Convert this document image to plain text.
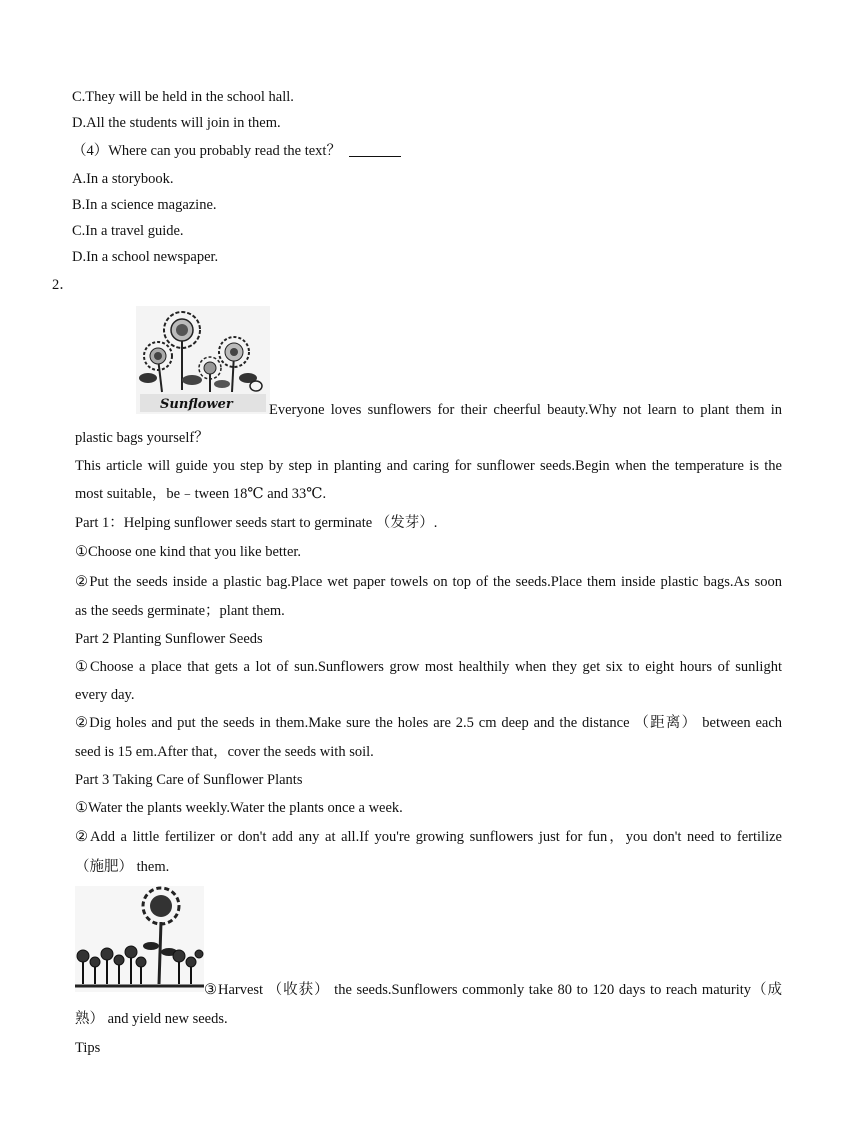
C.They will be held in the school hall.
D.All the students will join in them.
（4）Where can you probably read the text？
A.In a storybook.
B.In a science magazine.
C.In a travel guide.
D.In a school newspaper.
2．
Sunflower	Everyone loves sunflowers for their cheerful beauty.Why not learn to plant them in
plastic bags yourself？
This article will guide you step by step in planting and caring for sunflower seeds.Begin when the temperature is the
most suitable，be﹣tween 18℃ and 33℃.
Part 1：Helping sunflower seeds start to germinate （发芽）.
①Choose one kind that you like better.
②Put the seeds inside a plastic bag.Place wet paper towels on top of the seeds.Place them inside plastic bags.As soon
as the seeds germinate；plant them.
Part 2 Planting Sunflower Seeds
①Choose a place that gets a lot of sun.Sunflowers grow most healthily when they get six to eight hours of sunlight
every day.
②Dig holes and put the seeds in them.Make sure the holes are 2.5 cm deep and the distance （距离） between each
seed is 15 em.After that，cover the seeds with soil.
Part 3 Taking Care of Sunflower Plants
①Water the plants weekly.Water the plants once a week.
②Add a little fertilizer or don't add any at all.If you're growing sunflowers just for fun，you don't need to fertilize
（施肥） them.
③Harvest （收获） the seeds.Sunflowers commonly take 80 to 120 days to reach maturity（成
熟） and yield new seeds.
Tips
